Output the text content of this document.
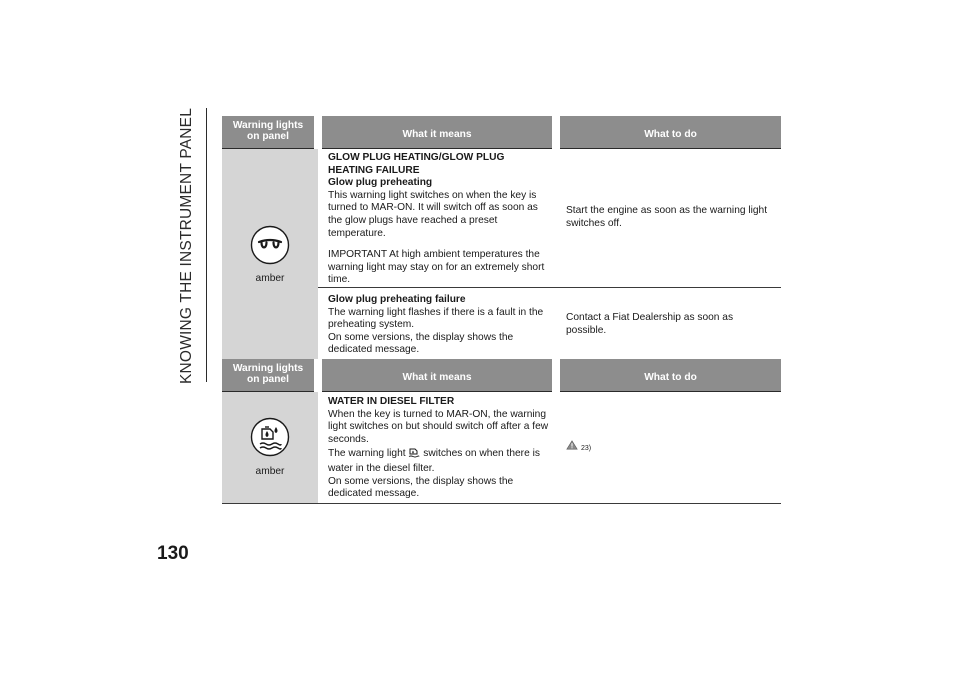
KNOWING THE INSTRUMENT PANEL	Warning lights on panel	What it means	What to do

amber	GLOW PLUG HEATING/GLOW PLUG HEATING FAILURE
Glow plug preheating
This warning light switches on when the key is turned to MAR-ON. It will switch off as soon as the glow plugs have reached a preset temperature.
IMPORTANT At high ambient temperatures the warning light may stay on for an extremely short time.	Start the engine as soon as the warning light switches off.

	Glow plug preheating failure
The warning light flashes if there is a fault in the preheating system.
On some versions, the display shows the dedicated message.	Contact a Fiat Dealership as soon as possible.
Warning lights on panel	What it means	What to do

amber	WATER IN DIESEL FILTER
When the key is turned to MAR-ON, the warning light switches on but should switch off after a few seconds.
The warning light switches on when there is water in the diesel filter.
On some versions, the display shows the dedicated message.	23)
130
